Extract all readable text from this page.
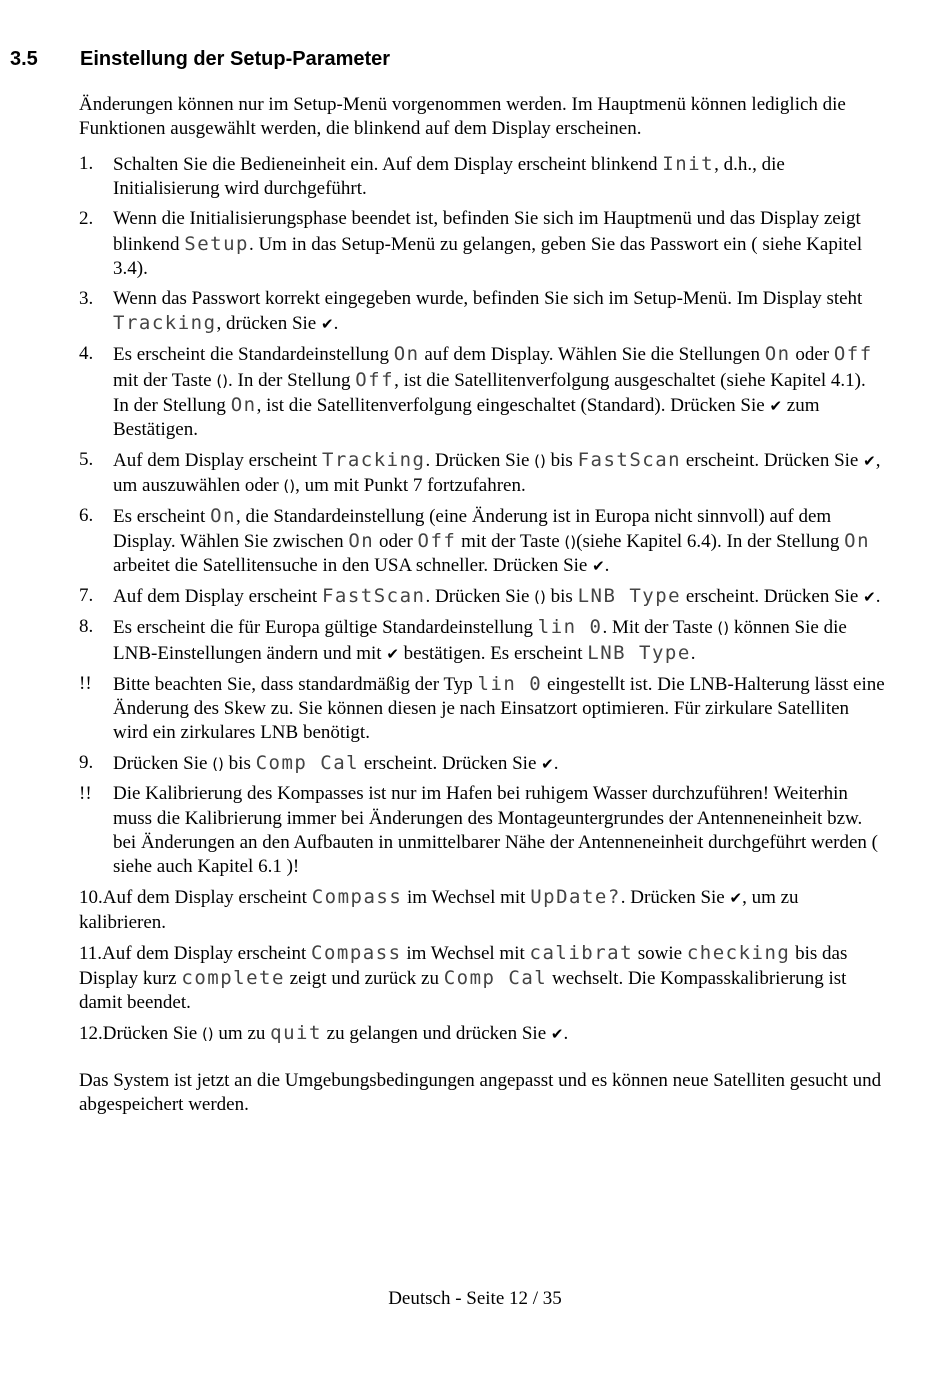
3.5 Einstellung der Setup-Parameter

Änderungen können nur im Setup-Menü vorgenommen werden. Im Hauptmenü können lediglich die Funktionen ausgewählt werden, die blinkend auf dem Display erscheinen.

1. Schalten Sie die Bedieneinheit ein. Auf dem Display erscheint blinkend Init, d.h., die Initialisierung wird durchgeführt.
2. Wenn die Initialisierungsphase beendet ist, befinden Sie sich im Hauptmenü und das Display zeigt blinkend Setup. Um in das Setup-Menü zu gelangen, geben Sie das Passwort ein ( siehe Kapitel 3.4).
3. Wenn das Passwort korrekt eingegeben wurde, befinden Sie sich im Setup-Menü. Im Display steht Tracking, drücken Sie ✔.
4. Es erscheint die Standardeinstellung On auf dem Display. Wählen Sie die Stellungen On oder Off mit der Taste (). In der Stellung Off, ist die Satellitenverfolgung ausgeschaltet (siehe Kapitel 4.1). In der Stellung On, ist die Satellitenverfolgung eingeschaltet (Standard). Drücken Sie ✔ zum Bestätigen.
5. Auf dem Display erscheint Tracking. Drücken Sie () bis FastScan erscheint. Drücken Sie ✔, um auszuwählen oder (), um mit Punkt 7 fortzufahren.
6. Es erscheint On, die Standardeinstellung (eine Änderung ist in Europa nicht sinnvoll) auf dem Display. Wählen Sie zwischen On oder Off mit der Taste ()(siehe Kapitel 6.4). In der Stellung On arbeitet die Satellitensuche in den USA schneller. Drücken Sie ✔.
7. Auf dem Display erscheint FastScan. Drücken Sie () bis LNB Type erscheint. Drücken Sie ✔.
8. Es erscheint die für Europa gültige Standardeinstellung lin 0. Mit der Taste () können Sie die LNB-Einstellungen ändern und mit ✔ bestätigen. Es erscheint LNB Type.
!! Bitte beachten Sie, dass standardmäßig der Typ lin 0 eingestellt ist. Die LNB-Halterung lässt eine Änderung des Skew zu. Sie können diesen je nach Einsatzort optimieren. Für zirkulare Satelliten wird ein zirkulares LNB benötigt.
9. Drücken Sie () bis Comp Cal erscheint. Drücken Sie ✔.
!! Die Kalibrierung des Kompasses ist nur im Hafen bei ruhigem Wasser durchzuführen! Weiterhin muss die Kalibrierung immer bei Änderungen des Montageuntergrundes der Antenneneinheit bzw. bei Änderungen an den Aufbauten in unmittelbarer Nähe der Antenneneinheit durchgeführt werden ( siehe auch Kapitel 6.1 )!
10.Auf dem Display erscheint Compass im Wechsel mit UpDate?. Drücken Sie ✔, um zu kalibrieren.
11.Auf dem Display erscheint Compass im Wechsel mit calibrat sowie checking bis das Display kurz complete zeigt und zurück zu Comp Cal wechselt. Die Kompasskalibrierung ist damit beendet.
12.Drücken Sie () um zu quit zu gelangen und drücken Sie ✔.

Das System ist jetzt an die Umgebungsbedingungen angepasst und es können neue Satelliten gesucht und abgespeichert werden.

Deutsch - Seite 12 / 35
